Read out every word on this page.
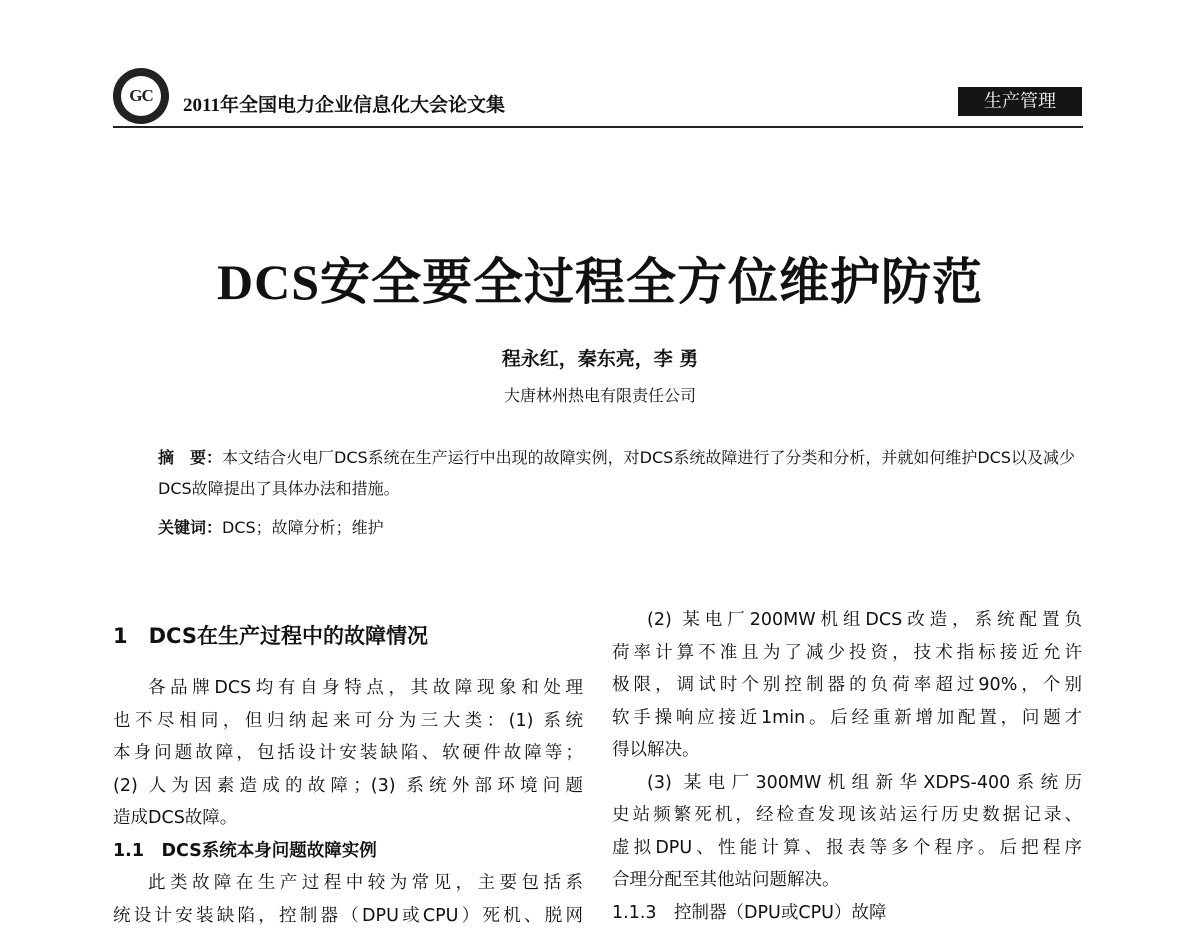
GC	2011年全国电力企业信息化大会论文集	生产管理
DCS安全要全过程全方位维护防范
程永红，秦东亮，李 勇
大唐林州热电有限责任公司
摘　要：本文结合火电厂DCS系统在生产运行中出现的故障实例，对DCS系统故障进行了分类和分析，并就如何维护DCS以及减少DCS故障提出了具体办法和措施。
关键词：DCS；故障分析；维护
1　DCS在生产过程中的故障情况

各品牌DCS均有自身特点，其故障现象和处理

也不尽相同，但归纳起来可分为三大类：(1) 系统

本身问题故障，包括设计安装缺陷、软硬件故障等；

(2) 人为因素造成的故障；(3) 系统外部环境问题

造成DCS故障。

1.1　DCS系统本身问题故障实例

此类故障在生产过程中较为常见，主要包括系

统设计安装缺陷，控制器（DPU或CPU）死机、脱网

(2) 某电厂200MW机组DCS改造，系统配置负

荷率计算不准且为了减少投资，技术指标接近允许

极限，调试时个别控制器的负荷率超过90%，个别

软手操响应接近1min。后经重新增加配置，问题才

得以解决。

(3) 某电厂300MW机组新华XDPS-400系统历

史站频繁死机，经检查发现该站运行历史数据记录、

虚拟DPU、性能计算、报表等多个程序。后把程序

合理分配至其他站问题解决。

1.1.3　控制器（DPU或CPU）故障
